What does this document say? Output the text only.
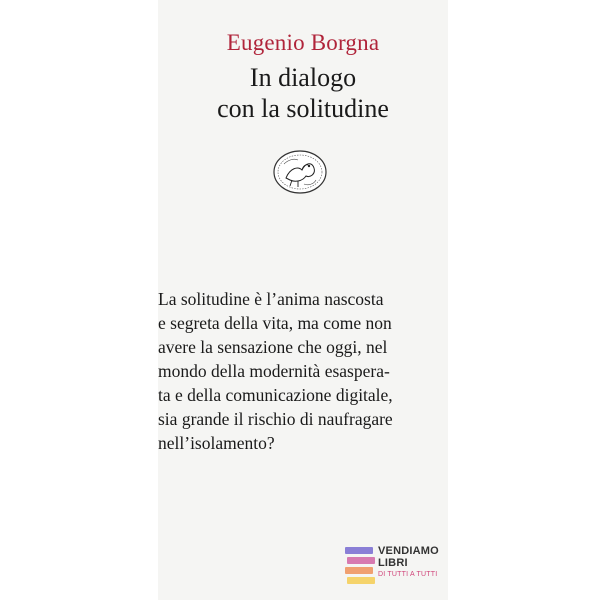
Eugenio Borgna
In dialogo
con la solitudine
La solitudine è l’anima nascosta
e segreta della vita, ma come non
avere la sensazione che oggi, nel
mondo della modernità esaspera-
ta e della comunicazione digitale,
sia grande il rischio di naufragare
nell’isolamento?
VENDIAMO
LIBRI
DI TUTTI A TUTTI
